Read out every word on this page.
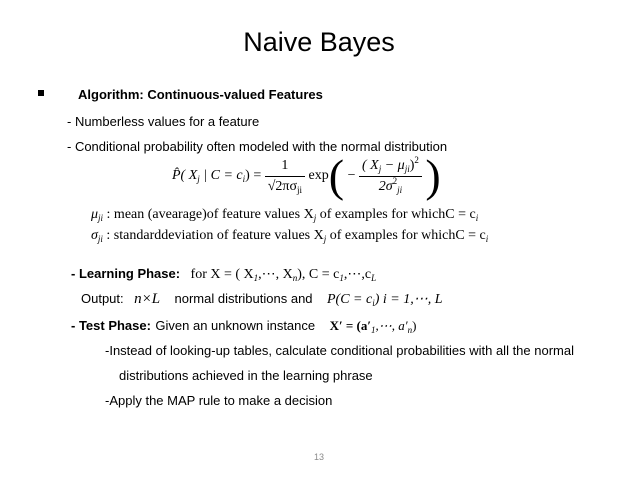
Naive Bayes
Algorithm: Continuous-valued Features
- Numberless values for a feature
- Conditional probability often modeled with the normal distribution
P̂( $X_j$ | $C = c_i) = \frac{1}{√2\pi\sigma_{ji}} \exp( - \frac{( X_j - \mu_{ji})^2}{2\sigma^2_{ji}}$ )
$\mu_{ji}$ : mean (avearage)of feature values $X_j$ of examples for whichC = $c_i$
$\sigma_{ji}$ : standarddeviation of feature values $X_j$ of examples for whichC = $c_i$
- Learning Phase: for X = ( $X_1,\cdots$, $X_n$), $C = c_1,\cdots,c_L$
Output: n×L normal distributions and $P(C = c_i)$ i = 1,⋯, L
- Test Phase: Given an unknown instance $X' = (a'_1,\cdots$, $a'_n$)
-Instead of looking-up tables, calculate conditional probabilities with all the normal
distributions achieved in the learning phrase
-Apply the MAP rule to make a decision
13
